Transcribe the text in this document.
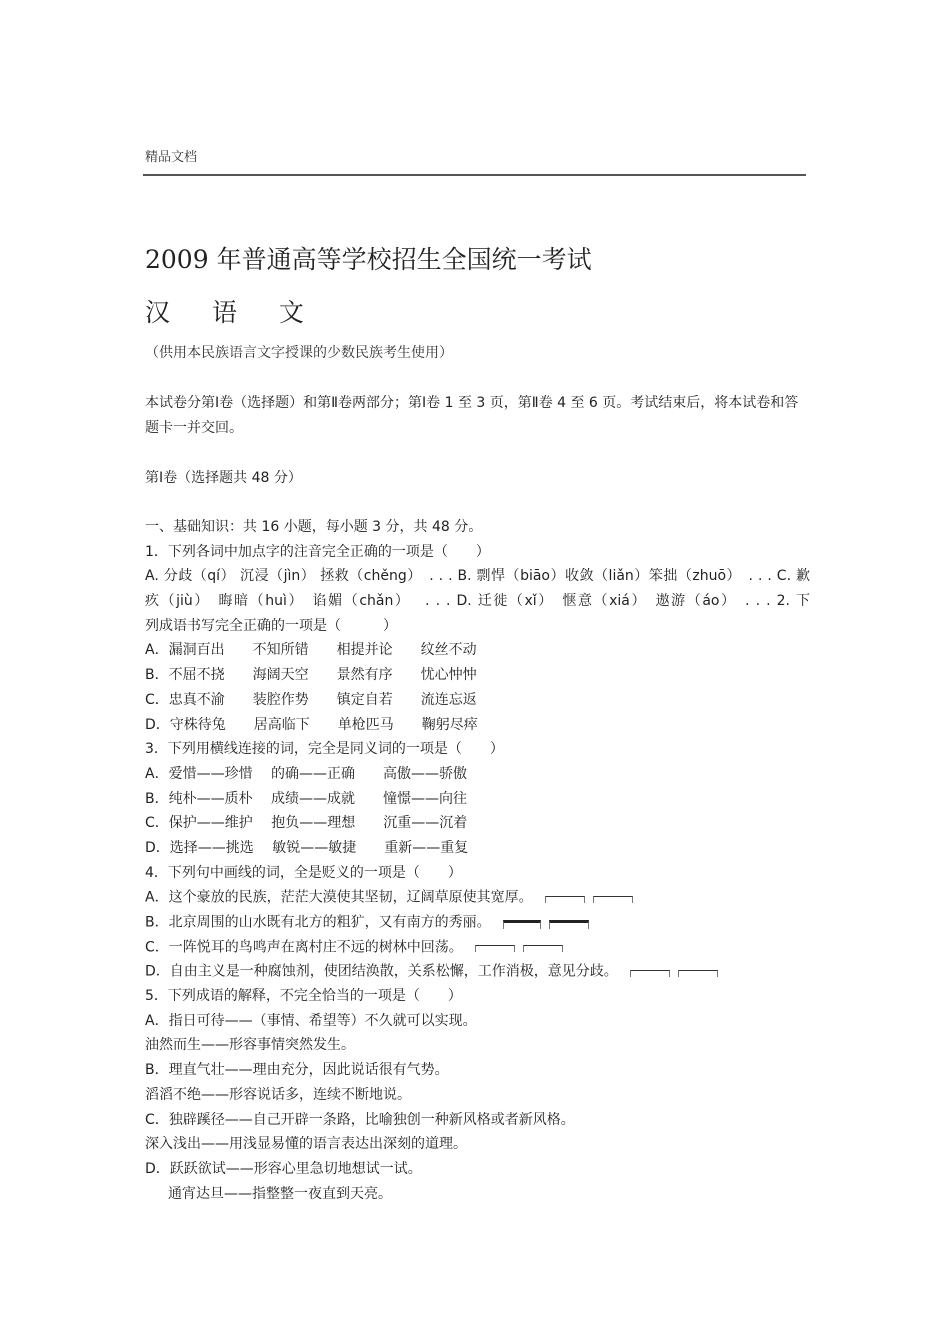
精品文档
2009 年普通高等学校招生全国统一考试
汉 语 文
（供用本民族语言文字授课的少数民族考生使用）
本试卷分第Ⅰ卷（选择题）和第Ⅱ卷两部分；第Ⅰ卷 1 至 3 页，第Ⅱ卷 4 至 6 页。考试结束后，将本试卷和答题卡一并交回。
第Ⅰ卷（选择题共 48 分）
一、基础知识：共 16 小题，每小题 3 分，共 48 分。
1．下列各词中加点字的注音完全正确的一项是（　　）
A. 分歧（qí） 沉浸（jìn） 拯救（chěng）　. . . B. 剽悍（biāo）收敛（liǎn）笨拙（zhuō）　. . . C. 歉
疚（jiù）　晦暗（huì）　谄媚（chǎn）　 . . . D. 迁徙（xǐ）　惬意（xiá）　遨游（áo）　. . . 2. 下
列成语书写完全正确的一项是（　　　）
A．漏洞百出　　不知所错　　相提并论　　纹丝不动
B．不屈不挠　　海阔天空　　景然有序　　忧心忡忡
C．忠真不渝　　装腔作势　　镇定自若　　流连忘返
D．守株待兔　　居高临下　　单枪匹马　　鞠躬尽瘁
3．下列用横线连接的词，完全是同义词的一项是（　　）
A．爱惜——珍惜　 的确——正确　　高傲——骄傲
B．纯朴——质朴　 成绩——成就　　憧憬——向往
C．保护——维护　 抱负——理想　　沉重——沉着
D．选择——挑选　 敏锐——敏捷　　重新——重复
4．下列句中画线的词，全是贬义的一项是（　　）
A．这个豪放的民族，茫茫大漠使其坚韧，辽阔草原使其宽厚。
B．北京周围的山水既有北方的粗犷，又有南方的秀丽。
C．一阵悦耳的鸟鸣声在离村庄不远的树林中回荡。
D．自由主义是一种腐蚀剂，使团结涣散，关系松懈，工作消极，意见分歧。
5．下列成语的解释，不完全恰当的一项是（　　）
A．指日可待——（事情、希望等）不久就可以实现。
油然而生——形容事情突然发生。
B．理直气壮——理由充分，因此说话很有气势。
滔滔不绝——形容说话多，连续不断地说。
C．独辟蹊径——自己开辟一条路，比喻独创一种新风格或者新风格。
深入浅出——用浅显易懂的语言表达出深刻的道理。
D．跃跃欲试——形容心里急切地想试一试。
通宵达旦——指整整一夜直到天亮。
